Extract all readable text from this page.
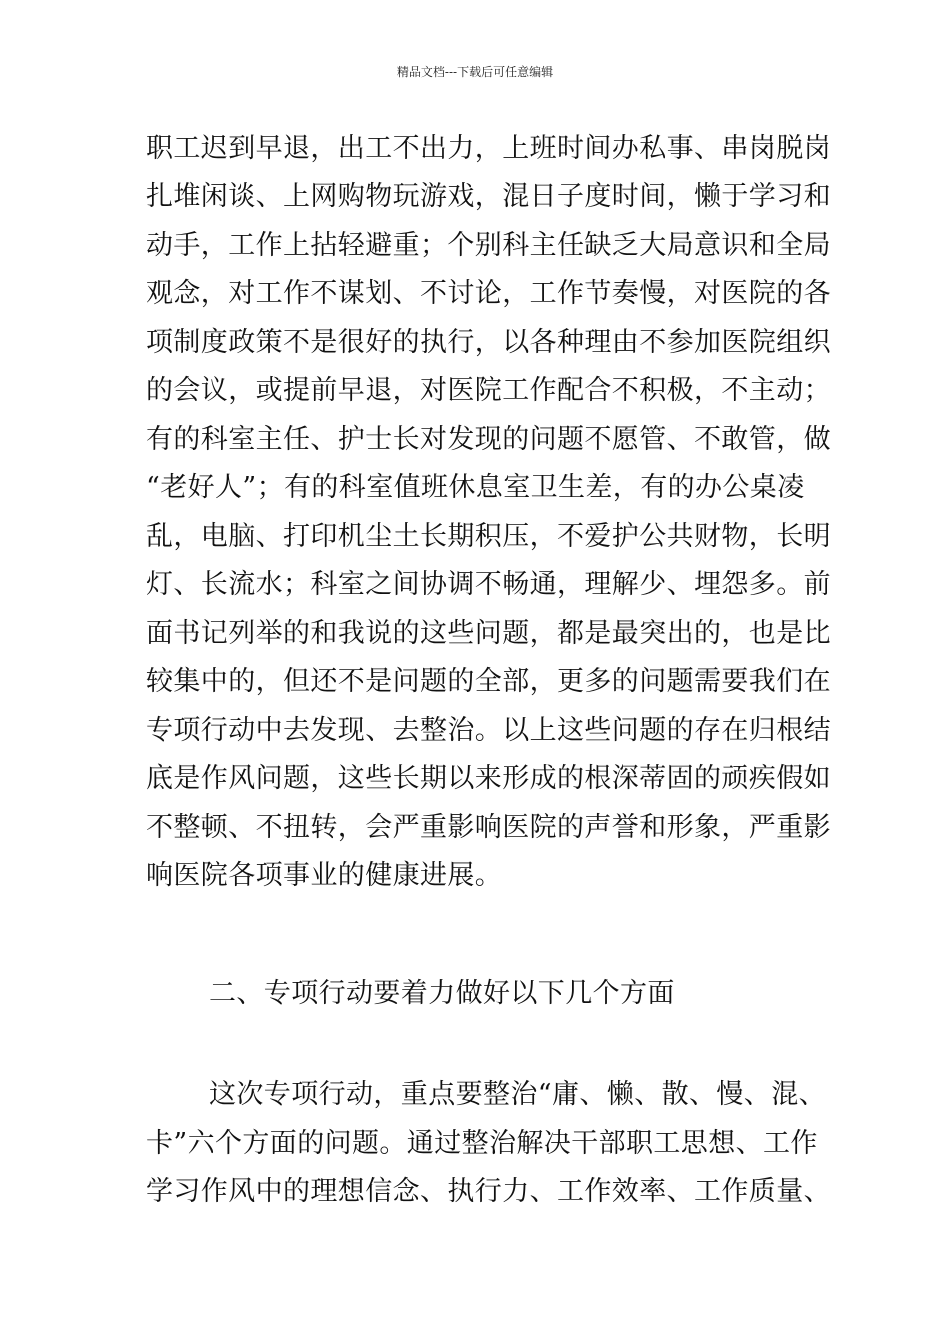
精品文档---下载后可任意编辑
职工迟到早退，出工不出力，上班时间办私事、串岗脱岗
扎堆闲谈、上网购物玩游戏，混日子度时间，懒于学习和
动手，工作上拈轻避重；个别科主任缺乏大局意识和全局
观念，对工作不谋划、不讨论，工作节奏慢，对医院的各
项制度政策不是很好的执行，以各种理由不参加医院组织
的会议，或提前早退，对医院工作配合不积极，不主动；
有的科室主任、护士长对发现的问题不愿管、不敢管，做
“老好人”；有的科室值班休息室卫生差，有的办公桌凌
乱，电脑、打印机尘土长期积压，不爱护公共财物，长明
灯、长流水；科室之间协调不畅通，理解少、埋怨多。前
面书记列举的和我说的这些问题，都是最突出的，也是比
较集中的，但还不是问题的全部，更多的问题需要我们在
专项行动中去发现、去整治。以上这些问题的存在归根结
底是作风问题，这些长期以来形成的根深蒂固的顽疾假如
不整顿、不扭转，会严重影响医院的声誉和形象，严重影
响医院各项事业的健康进展。
二、专项行动要着力做好以下几个方面
这次专项行动，重点要整治“庸、懒、散、慢、混、
卡”六个方面的问题。通过整治解决干部职工思想、工作
学习作风中的理想信念、执行力、工作效率、工作质量、
